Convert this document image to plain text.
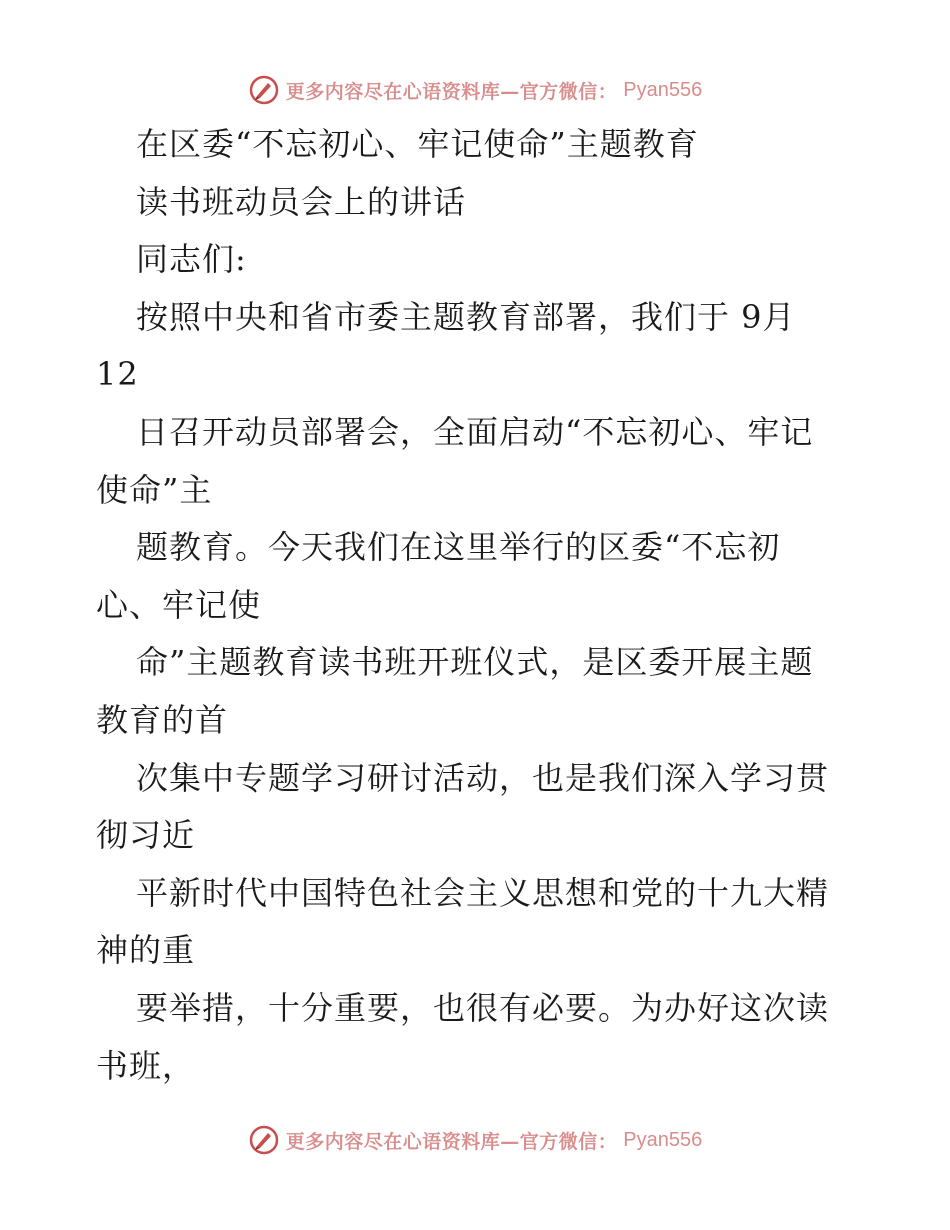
更多内容尽在心语资料库—官方微信： Pyan556
在区委“不忘初心、牢记使命”主题教育
读书班动员会上的讲话
同志们:
按照中央和省市委主题教育部署，我们于 9月
12
日召开动员部署会，全面启动“不忘初心、牢记
使命”主
题教育。今天我们在这里举行的区委“不忘初
心、牢记使
命”主题教育读书班开班仪式，是区委开展主题
教育的首
次集中专题学习研讨活动，也是我们深入学习贯
彻习近
平新时代中国特色社会主义思想和党的十九大精
神的重
要举措，十分重要，也很有必要。为办好这次读
书班，
更多内容尽在心语资料库—官方微信： Pyan556
